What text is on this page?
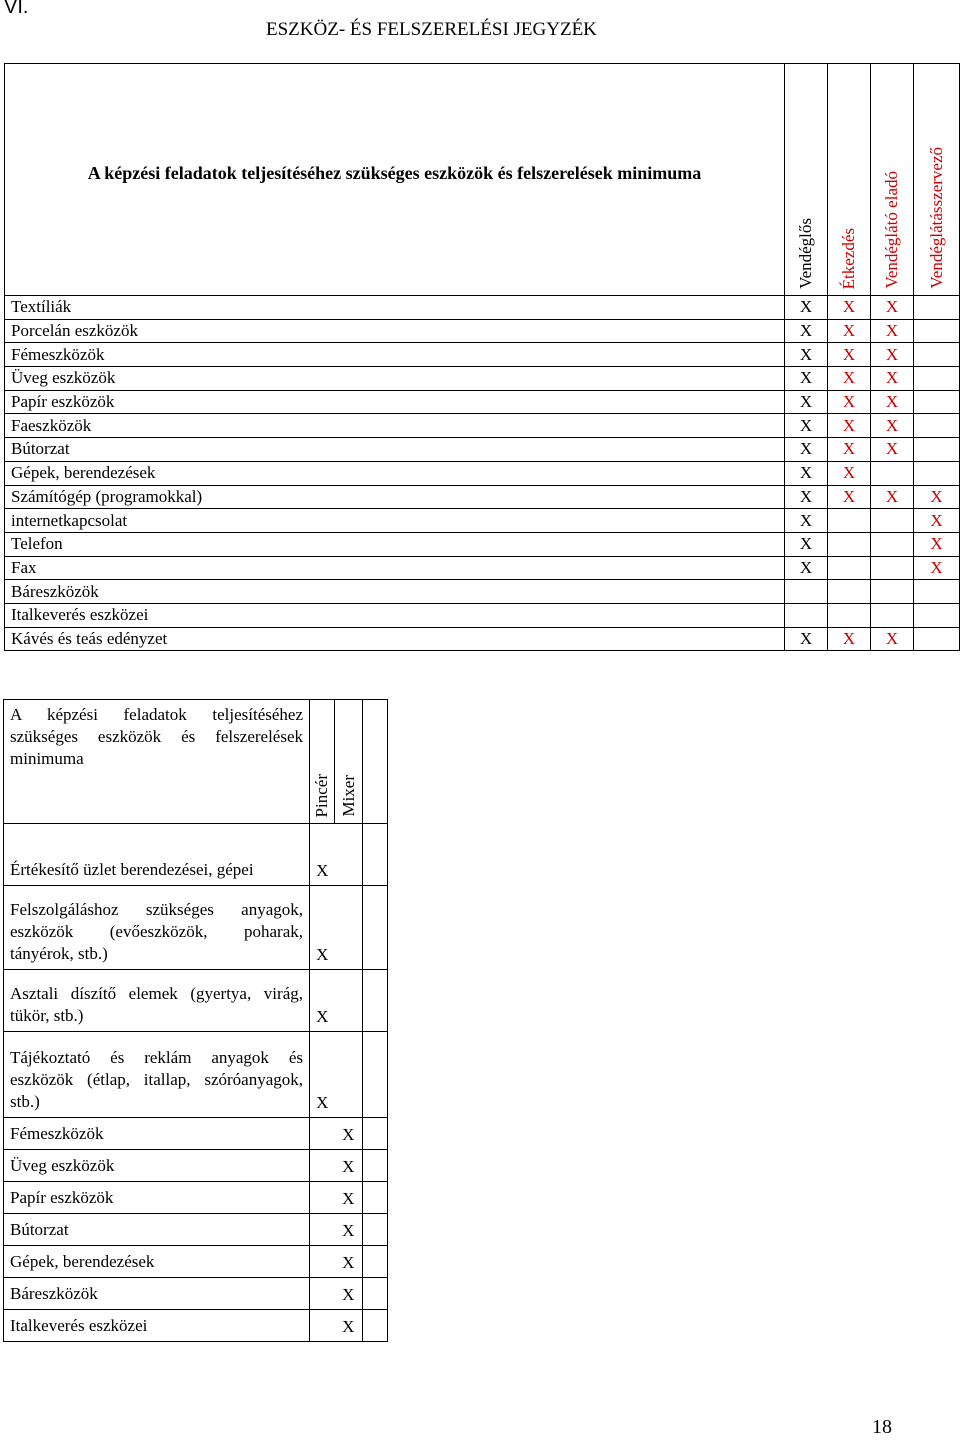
VI.
ESZKÖZ- ÉS FELSZERELÉSI JEGYZÉK
A képzési feladatok teljesítéséhez szükséges eszközök és felszerelések minimuma	Vendéglős	Étkezdés	Vendéglátó eladó	Vendéglátásszervező

Textíliák	X	X	X	
Porcelán eszközök	X	X	X	
Fémeszközök	X	X	X	
Üveg eszközök	X	X	X	
Papír eszközök	X	X	X	
Faeszközök	X	X	X	
Bútorzat	X	X	X	
Gépek, berendezések	X	X		
Számítógép (programokkal)	X	X	X	X
internetkapcsolat	X			X
Telefon	X			X
Fax	X			X
Báreszközök				
Italkeverés eszközei				
Kávés és teás edényzet	X	X	X	
A képzési feladatok teljesítéséhez szükséges eszközök és felszerelések minimuma	Pincér	Mixer	

Értékesítő üzlet berendezései, gépei	X		
Felszolgáláshoz szükséges anyagok, eszközök (evőeszközök, poharak, tányérok, stb.)	X		
Asztali díszítő elemek (gyertya, virág, tükör, stb.)	X		
Tájékoztató és reklám anyagok és eszközök (étlap, itallap, szóróanyagok, stb.)	X		
Fémeszközök		X	
Üveg eszközök		X	
Papír eszközök		X	
Bútorzat		X	
Gépek, berendezések		X	
Báreszközök		X	
Italkeverés eszközei		X	
18
